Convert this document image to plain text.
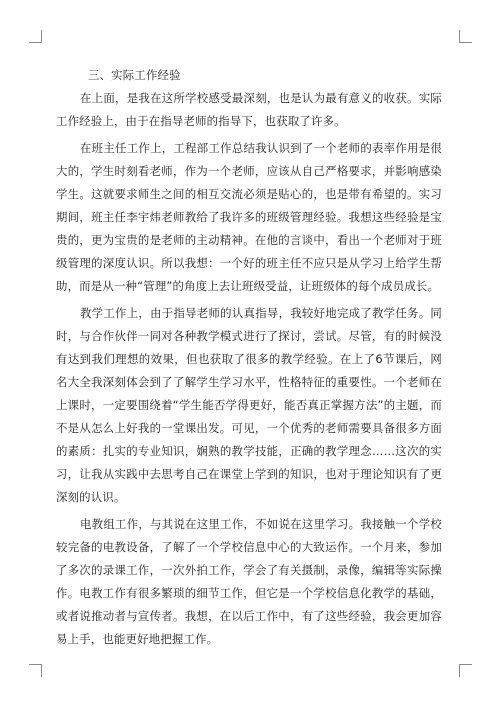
三、实际工作经验

在上面，是我在这所学校感受最深刻，也是认为最有意义的收获。实际工作经验上，由于在指导老师的指导下，也获取了许多。

在班主任工作上，工程部工作总结我认识到了一个老师的表率作用是很大的，学生时刻看老师，作为一个老师，应该从自己严格要求，并影响感染学生。这就要求师生之间的相互交流必须是贴心的，也是带有希望的。实习期间，班主任李宇炜老师教给了我许多的班级管理经验。我想这些经验是宝贵的，更为宝贵的是老师的主动精神。在他的言谈中，看出一个老师对于班级管理的深度认识。所以我想：一个好的班主任不应只是从学习上给学生帮助，而是从一种“管理”的角度上去让班级受益，让班级体的每个成员成长。

教学工作上，由于指导老师的认真指导，我较好地完成了教学任务。同时，与合作伙伴一同对各种教学模式进行了探讨，尝试。尽管，有的时候没有达到我们理想的效果，但也获取了很多的教学经验。在上了6节课后，网名大全我深刻体会到了了解学生学习水平，性格特征的重要性。一个老师在上课时，一定要围绕着“学生能否学得更好，能否真正掌握方法”的主题，而不是从怎么上好我的一堂课出发。可见，一个优秀的老师需要具备很多方面的素质：扎实的专业知识，娴熟的教学技能，正确的教学理念……这次的实习，让我从实践中去思考自己在课堂上学到的知识，也对于理论知识有了更深刻的认识。

电教组工作，与其说在这里工作，不如说在这里学习。我接触一个学校较完备的电教设备，了解了一个学校信息中心的大致运作。一个月来，参加了多次的录课工作，一次外拍工作，学会了有关摄制，录像，编辑等实际操作。电教工作有很多繁琐的细节工作，但它是一个学校信息化教学的基础，或者说推动者与宣传者。我想，在以后工作中，有了这些经验，我会更加容易上手，也能更好地把握工作。
